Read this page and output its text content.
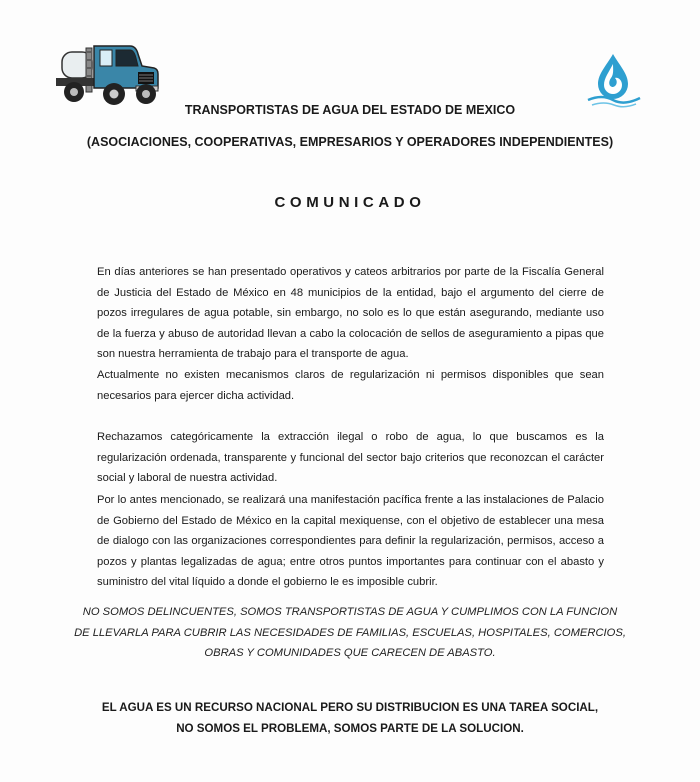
TRANSPORTISTAS DE AGUA DEL ESTADO DE MEXICO
(ASOCIACIONES, COOPERATIVAS, EMPRESARIOS Y OPERADORES INDEPENDIENTES)
COMUNICADO

En días anteriores se han presentado operativos y cateos arbitrarios por parte de la Fiscalía General de Justicia del Estado de México en 48 municipios de la entidad, bajo el argumento del cierre de pozos irregulares de agua potable, sin embargo, no solo es lo que están asegurando, mediante uso de la fuerza y abuso de autoridad llevan a cabo la colocación de sellos de aseguramiento a pipas que son nuestra herramienta de trabajo para el transporte de agua.

Actualmente no existen mecanismos claros de regularización ni permisos disponibles que sean necesarios para ejercer dicha actividad.

Rechazamos categóricamente la extracción ilegal o robo de agua, lo que buscamos es la regularización ordenada, transparente y funcional del sector bajo criterios que reconozcan el carácter social y laboral de nuestra actividad.

Por lo antes mencionado, se realizará una manifestación pacífica frente a las instalaciones de Palacio de Gobierno del Estado de México en la capital mexiquense, con el objetivo de establecer una mesa de dialogo con las organizaciones correspondientes para definir la regularización, permisos, acceso a pozos y plantas legalizadas de agua; entre otros puntos importantes para continuar con el abasto y suministro del vital líquido a donde el gobierno le es imposible cubrir.

NO SOMOS DELINCUENTES, SOMOS TRANSPORTISTAS DE AGUA Y CUMPLIMOS CON LA FUNCION
DE LLEVARLA PARA CUBRIR LAS NECESIDADES DE FAMILIAS, ESCUELAS, HOSPITALES, COMERCIOS,
OBRAS Y COMUNIDADES QUE CARECEN DE ABASTO.

EL AGUA ES UN RECURSO NACIONAL PERO SU DISTRIBUCION ES UNA TAREA SOCIAL,
NO SOMOS EL PROBLEMA, SOMOS PARTE DE LA SOLUCION.
